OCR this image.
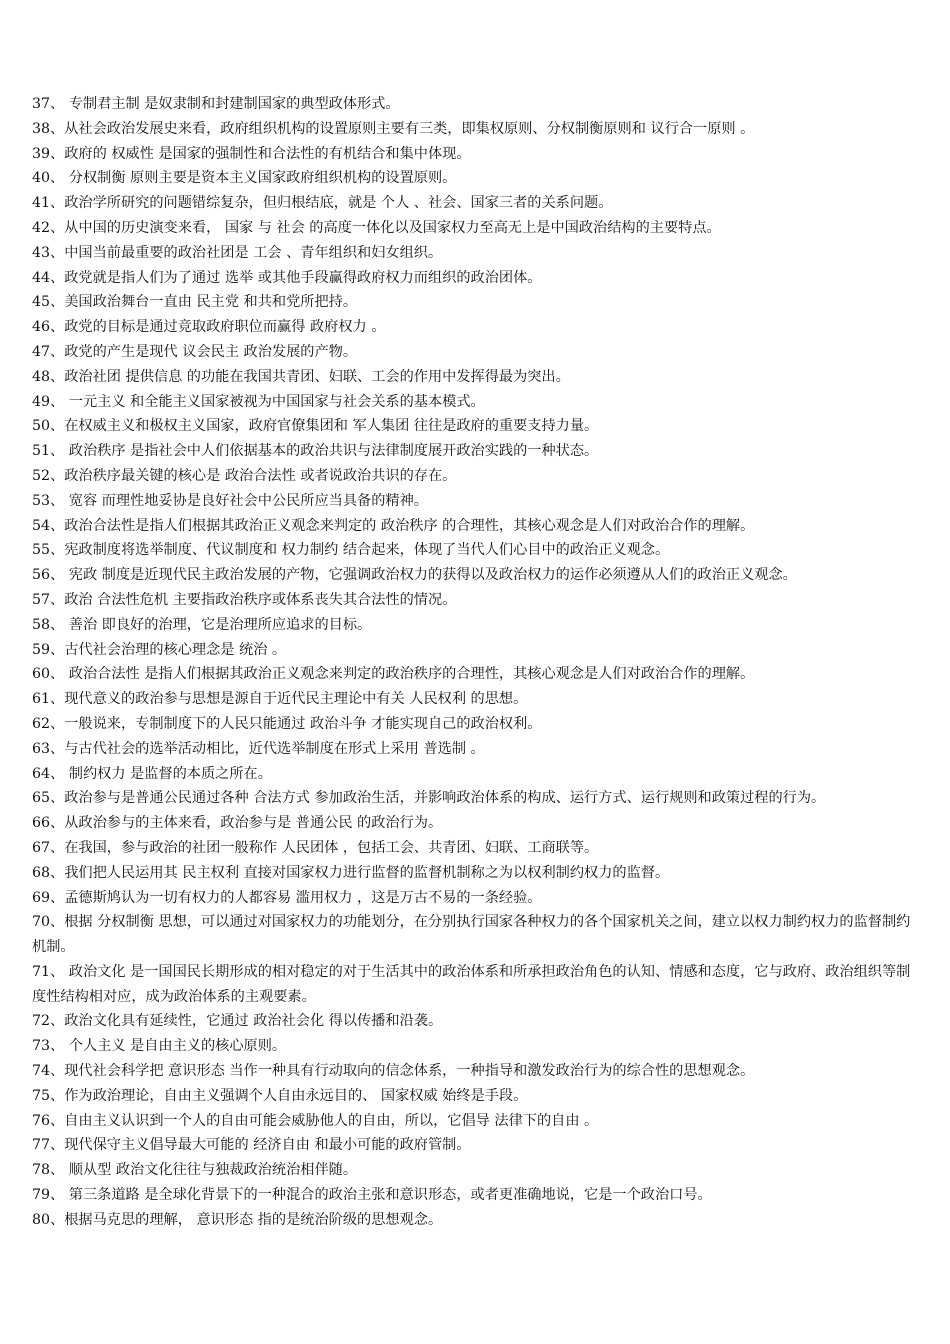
37、 专制君主制 是奴隶制和封建制国家的典型政体形式。

38、从社会政治发展史来看，政府组织机构的设置原则主要有三类，即集权原则、分权制衡原则和 议行合一原则 。

39、政府的 权威性 是国家的强制性和合法性的有机结合和集中体现。

40、 分权制衡 原则主要是资本主义国家政府组织机构的设置原则。

41、政治学所研究的问题错综复杂，但归根结底，就是 个人 、社会、国家三者的关系问题。

42、从中国的历史演变来看， 国家 与 社会 的高度一体化以及国家权力至高无上是中国政治结构的主要特点。

43、中国当前最重要的政治社团是 工会 、青年组织和妇女组织。

44、政党就是指人们为了通过 选举 或其他手段赢得政府权力而组织的政治团体。

45、美国政治舞台一直由 民主党 和共和党所把持。

46、政党的目标是通过竞取政府职位而赢得 政府权力 。

47、政党的产生是现代 议会民主 政治发展的产物。

48、政治社团 提供信息 的功能在我国共青团、妇联、工会的作用中发挥得最为突出。

49、 一元主义 和全能主义国家被视为中国国家与社会关系的基本模式。

50、在权威主义和极权主义国家，政府官僚集团和 军人集团 往往是政府的重要支持力量。

51、 政治秩序 是指社会中人们依据基本的政治共识与法律制度展开政治实践的一种状态。

52、政治秩序最关键的核心是 政治合法性 或者说政治共识的存在。

53、 宽容 而理性地妥协是良好社会中公民所应当具备的精神。

54、政治合法性是指人们根据其政治正义观念来判定的 政治秩序 的合理性，其核心观念是人们对政治合作的理解。

55、宪政制度将选举制度、代议制度和 权力制约 结合起来，体现了当代人们心目中的政治正义观念。

56、 宪政 制度是近现代民主政治发展的产物，它强调政治权力的获得以及政治权力的运作必须遵从人们的政治正义观念。

57、政治 合法性危机 主要指政治秩序或体系丧失其合法性的情况。

58、 善治 即良好的治理，它是治理所应追求的目标。

59、古代社会治理的核心理念是 统治 。

60、 政治合法性 是指人们根据其政治正义观念来判定的政治秩序的合理性，其核心观念是人们对政治合作的理解。

61、现代意义的政治参与思想是源自于近代民主理论中有关 人民权利 的思想。

62、一般说来，专制制度下的人民只能通过 政治斗争 才能实现自己的政治权利。

63、与古代社会的选举活动相比，近代选举制度在形式上采用 普选制 。

64、 制约权力 是监督的本质之所在。

65、政治参与是普通公民通过各种 合法方式 参加政治生活，并影响政治体系的构成、运行方式、运行规则和政策过程的行为。

66、从政治参与的主体来看，政治参与是 普通公民 的政治行为。

67、在我国，参与政治的社团一般称作 人民团体 ，包括工会、共青团、妇联、工商联等。

68、我们把人民运用其 民主权利 直接对国家权力进行监督的监督机制称之为以权利制约权力的监督。

69、孟德斯鸠认为一切有权力的人都容易 滥用权力 ，这是万古不易的一条经验。

70、根据 分权制衡 思想，可以通过对国家权力的功能划分，在分别执行国家各种权力的各个国家机关之间，建立以权力制约权力的监督制约机制。

71、 政治文化 是一国国民长期形成的相对稳定的对于生活其中的政治体系和所承担政治角色的认知、情感和态度，它与政府、政治组织等制度性结构相对应，成为政治体系的主观要素。

72、政治文化具有延续性，它通过 政治社会化 得以传播和沿袭。

73、 个人主义 是自由主义的核心原则。

74、现代社会科学把 意识形态 当作一种具有行动取向的信念体系，一种指导和激发政治行为的综合性的思想观念。

75、作为政治理论，自由主义强调个人自由永远目的、 国家权威 始终是手段。

76、自由主义认识到一个人的自由可能会威胁他人的自由，所以，它倡导 法律下的自由 。

77、现代保守主义倡导最大可能的 经济自由 和最小可能的政府管制。

78、 顺从型 政治文化往往与独裁政治统治相伴随。

79、 第三条道路 是全球化背景下的一种混合的政治主张和意识形态，或者更准确地说，它是一个政治口号。

80、根据马克思的理解， 意识形态 指的是统治阶级的思想观念。
